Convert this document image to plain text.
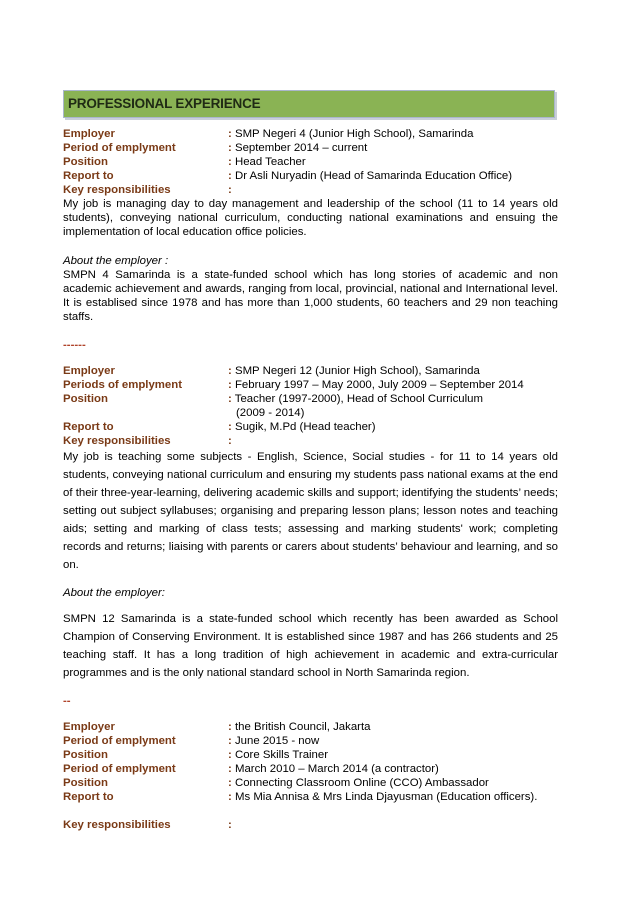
PROFESSIONAL EXPERIENCE
Employer	: SMP Negeri 4 (Junior High School), Samarinda
Period of emplyment	: September 2014 – current
Position	: Head Teacher
Report to	: Dr Asli Nuryadin (Head of Samarinda Education Office)
Key responsibilities	:

My job is managing day to day management and leadership of the school (11 to 14 years old students), conveying national curriculum, conducting national examinations and ensuing the implementation of local education office policies.

About the employer :

SMPN 4 Samarinda is a state-funded school which has long stories of academic and non academic achievement and awards, ranging from local, provincial, national and International level. It is establised since 1978 and has more than 1,000 students, 60 teachers and 29 non teaching staffs.

------

Employer	: SMP Negeri 12 (Junior High School), Samarinda
Periods of emplyment	: February 1997 – May 2000, July 2009 – September 2014
Position	: Teacher (1997-2000), Head of School Curriculum
(2009 - 2014)
Report to	: Sugik, M.Pd (Head teacher)
Key responsibilities	:

My job is teaching some subjects - English, Science, Social studies - for 11 to 14 years old students, conveying national curriculum and ensuring my students pass national exams at the end of their three-year-learning, delivering academic skills and support; identifying the students’ needs; setting out subject syllabuses; organising and preparing lesson plans; lesson notes and teaching aids; setting and marking of class tests; assessing and marking students' work; completing records and returns; liaising with parents or carers about students’ behaviour and learning, and so on.

About the employer:

SMPN 12 Samarinda is a state-funded school which recently has been awarded as School Champion of Conserving Environment. It is established since 1987 and has 266 students and 25 teaching staff. It has a long tradition of high achievement in academic and extra-curricular programmes and is the only national standard school in North Samarinda region.

--

Employer	: the British Council, Jakarta
Period of emplyment	: June 2015 - now
Position	: Core Skills Trainer
Period of emplyment	: March 2010 – March 2014 (a contractor)
Position	: Connecting Classroom Online (CCO) Ambassador
Report to	: Ms Mia Annisa & Mrs Linda Djayusman (Education officers).
Key responsibilities	:
